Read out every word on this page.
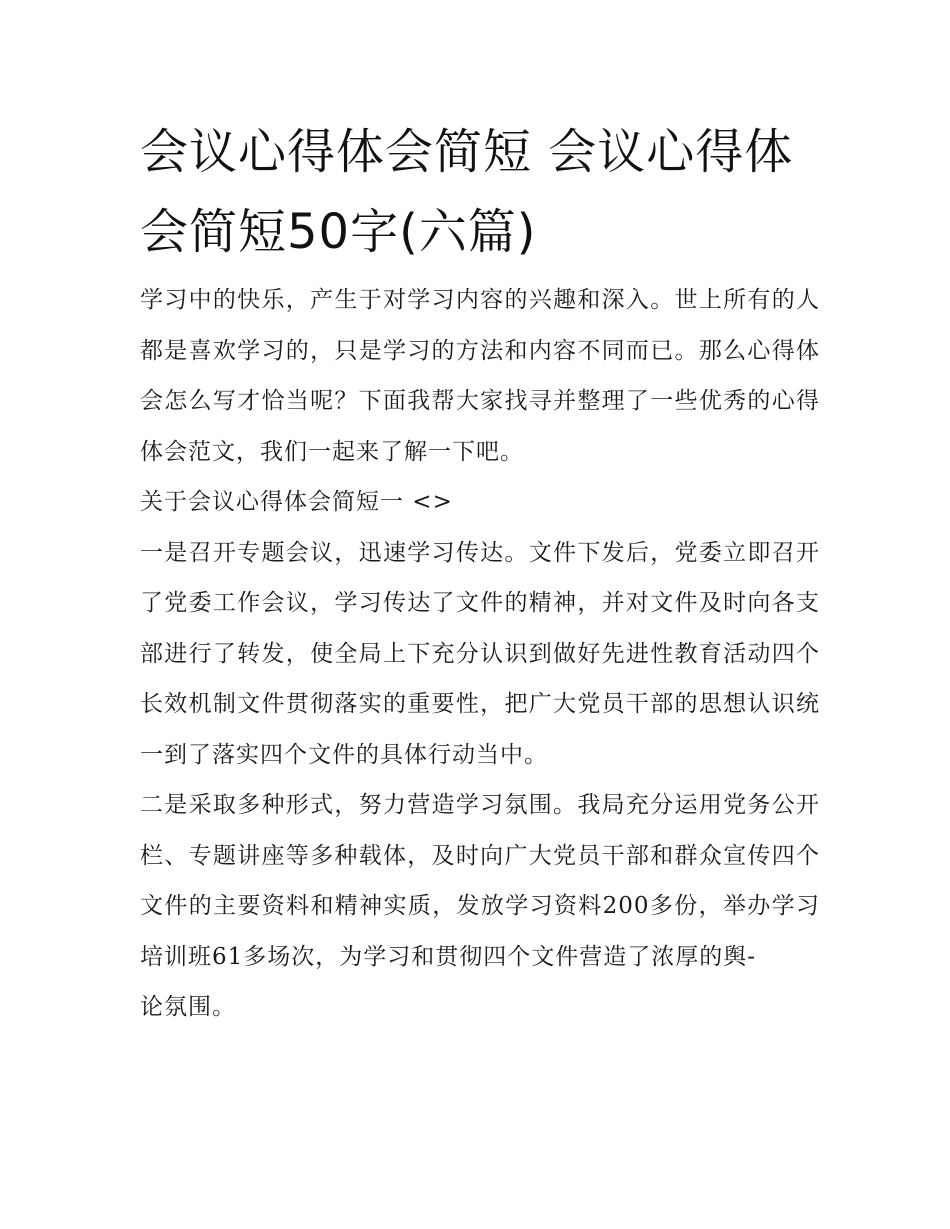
会议心得体会简短 会议心得体会简短50字(六篇)

学习中的快乐，产生于对学习内容的兴趣和深入。世上所有的人都是喜欢学习的，只是学习的方法和内容不同而已。那么心得体会怎么写才恰当呢？下面我帮大家找寻并整理了一些优秀的心得体会范文，我们一起来了解一下吧。

关于会议心得体会简短一 <>

一是召开专题会议，迅速学习传达。文件下发后，党委立即召开了党委工作会议，学习传达了文件的精神，并对文件及时向各支部进行了转发，使全局上下充分认识到做好先进性教育活动四个长效机制文件贯彻落实的重要性，把广大党员干部的思想认识统一到了落实四个文件的具体行动当中。

二是采取多种形式，努力营造学习氛围。我局充分运用党务公开栏、专题讲座等多种载体，及时向广大党员干部和群众宣传四个文件的主要资料和精神实质，发放学习资料200多份，举办学习培训班61多场次，为学习和贯彻四个文件营造了浓厚的舆-

论氛围。
